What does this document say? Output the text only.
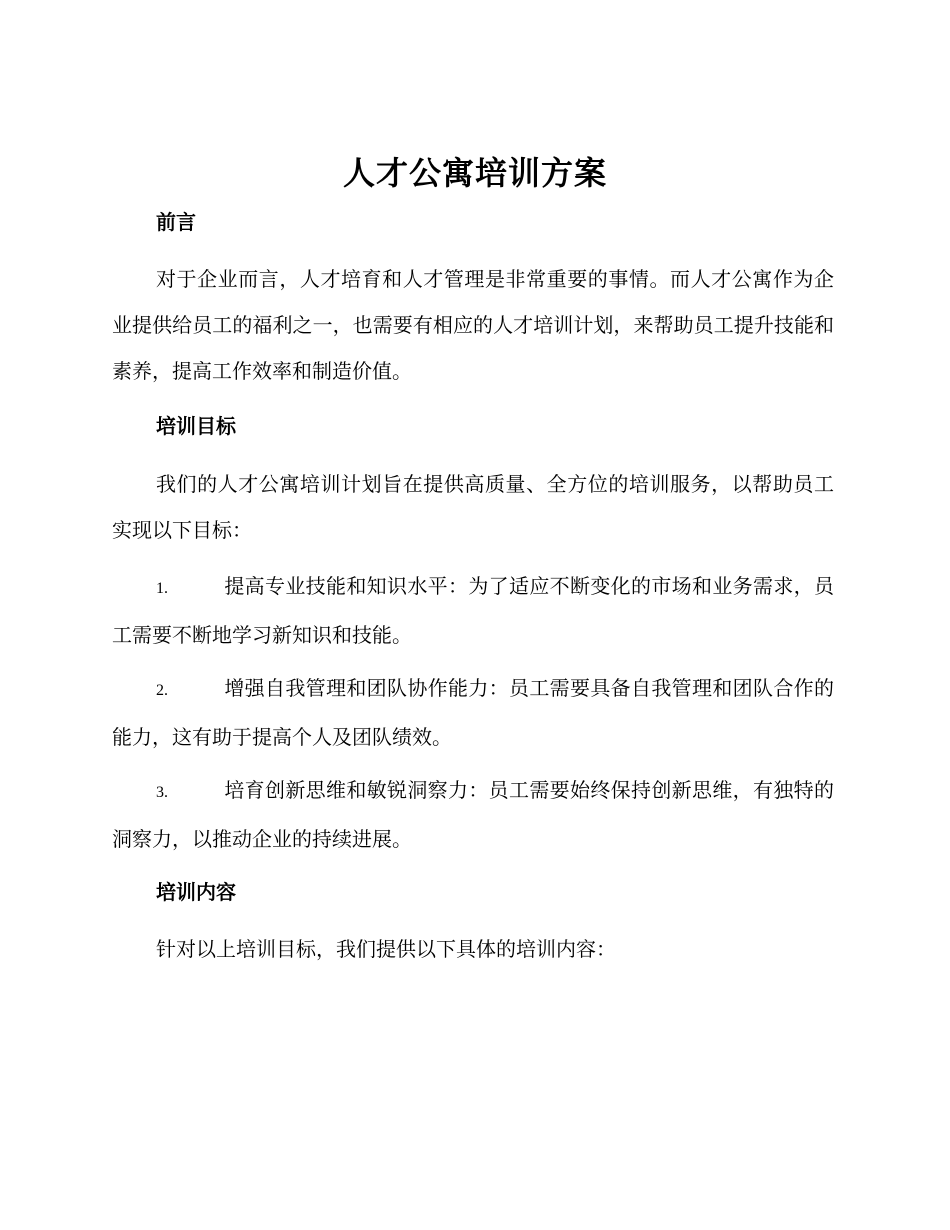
人才公寓培训方案
前言

对于企业而言，人才培育和人才管理是非常重要的事情。而人才公寓作为企业提供给员工的福利之一，也需要有相应的人才培训计划，来帮助员工提升技能和素养，提高工作效率和制造价值。

培训目标

我们的人才公寓培训计划旨在提供高质量、全方位的培训服务，以帮助员工实现以下目标：

1.	提高专业技能和知识水平：为了适应不断变化的市场和业务需求，员工需要不断地学习新知识和技能。
2.	增强自我管理和团队协作能力：员工需要具备自我管理和团队合作的能力，这有助于提高个人及团队绩效。
3.	培育创新思维和敏锐洞察力：员工需要始终保持创新思维，有独特的洞察力，以推动企业的持续进展。
培训内容

针对以上培训目标，我们提供以下具体的培训内容：
